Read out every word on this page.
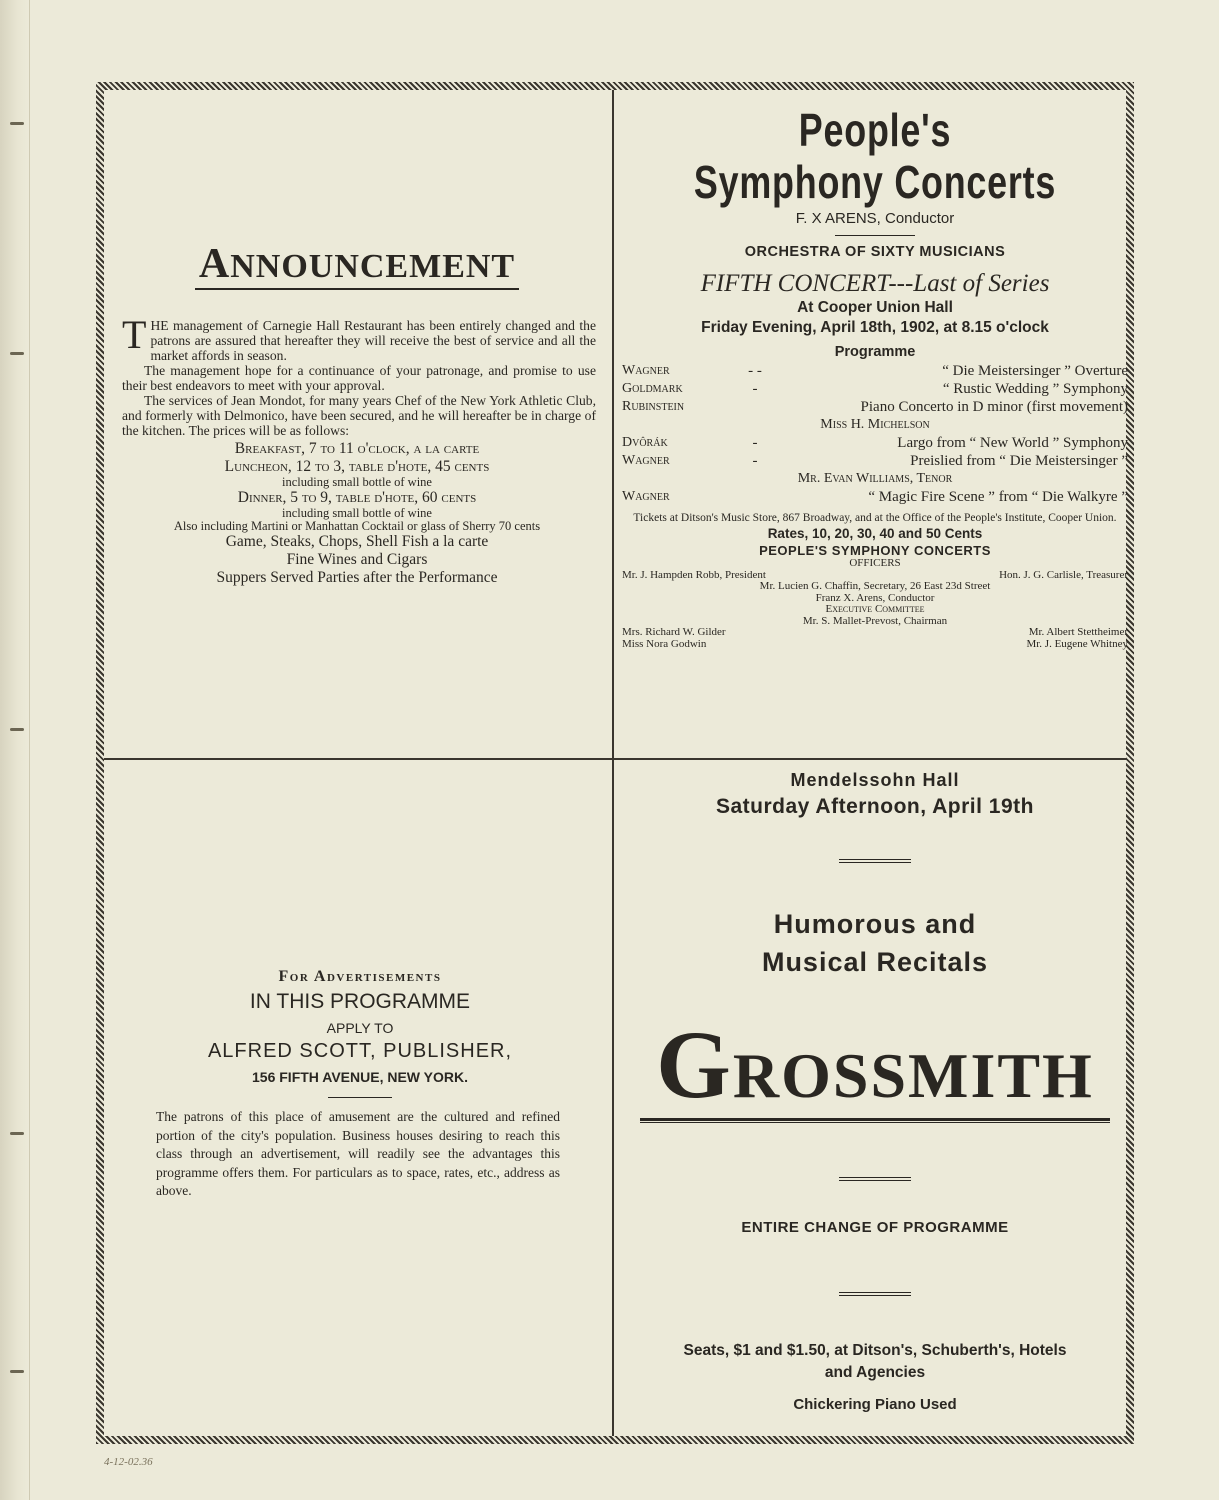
ANNOUNCEMENT

THE management of Carnegie Hall Restaurant has been entirely changed and the patrons are assured that hereafter they will receive the best of service and all the market affords in season.

The management hope for a continuance of your patronage, and promise to use their best endeavors to meet with your approval.

The services of Jean Mondot, for many years Chef of the New York Athletic Club, and formerly with Delmonico, have been secured, and he will hereafter be in charge of the kitchen. The prices will be as follows:

Breakfast, 7 to 11 o'clock, a la carte
Luncheon, 12 to 3, table d'hote, 45 cents
including small bottle of wine
Dinner, 5 to 9, table d'hote, 60 cents
including small bottle of wine
Also including Martini or Manhattan Cocktail or glass of Sherry 70 cents
Game, Steaks, Chops, Shell Fish a la carte
Fine Wines and Cigars
Suppers Served Parties after the Performance
People's
Symphony Concerts
F. X ARENS, Conductor
ORCHESTRA OF SIXTY MUSICIANS
FIFTH CONCERT---Last of Series
At Cooper Union Hall
Friday Evening, April 18th, 1902, at 8.15 o'clock
Programme
Wagner	- -	“ Die Meistersinger ” Overture
Goldmark	-	“ Rustic Wedding ” Symphony
Rubinstein		Piano Concerto in D minor (first movement)
Miss H. Michelson		
Dvôrák	-	Largo from “ New World ” Symphony
Wagner	-	Preislied from “ Die Meistersinger ”
Mr. Evan Williams, Tenor		
Wagner		“ Magic Fire Scene ” from “ Die Walkyre ”
Tickets at Ditson's Music Store, 867 Broadway, and at the Office of the People's Institute, Cooper Union.
Rates, 10, 20, 30, 40 and 50 Cents
PEOPLE'S SYMPHONY CONCERTS
OFFICERS
Mr. J. Hampden Robb, President	Hon. J. G. Carlisle, Treasurer
Mr. Lucien G. Chaffin, Secretary, 26 East 23d Street
Franz X. Arens, Conductor
Executive Committee
Mr. S. Mallet-Prevost, Chairman
Mrs. Richard W. Gilder	Mr. Albert Stettheimer
Miss Nora Godwin	Mr. J. Eugene Whitney
For Advertisements
IN THIS PROGRAMME
APPLY TO
ALFRED SCOTT, PUBLISHER,
156 FIFTH AVENUE, NEW YORK.
The patrons of this place of amusement are the cultured and refined portion of the city's population. Business houses desiring to reach this class through an advertisement, will readily see the advantages this programme offers them. For particulars as to space, rates, etc., address as above.
Mendelssohn Hall
Saturday Afternoon, April 19th
Humorous and
Musical Recitals
GROSSMITH
ENTIRE CHANGE OF PROGRAMME
Seats, $1 and $1.50, at Ditson's, Schuberth's, Hotels
and Agencies
Chickering Piano Used
4-12-02.36
